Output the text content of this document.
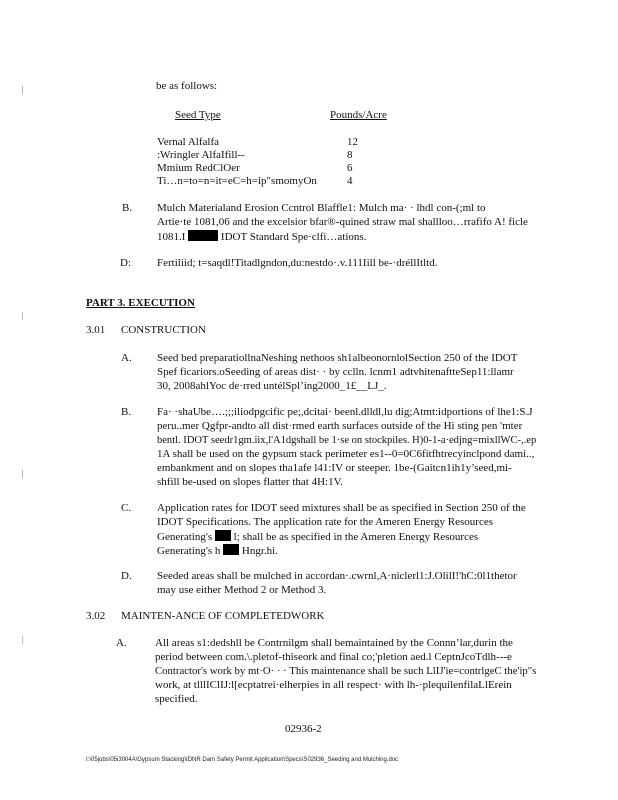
be as follows:
Seed Type	Pounds/Acre
Vernal Alfalfa	12
:Wringler AlfaIfill--	8
Mmium RedClOer	6
Ti…n=to=n=it=eC=h=ip"smomyOn	4
B. Mulch Materialand Erosion Ccntrol Blaffle1: Mulch ma· · lhdl con-(;ml to
Artie·te 1081,06 and the excelsior bfar®-quined straw mal shallloo…rrafifo A! ficle
1081.I	IDOT Standard Spe·clfi…ations.
D: Fertiliid; t=saqdl!Titadlgndon,du:nestdo·.v.111Iill be-·dréllItltd.
PART 3. EXECUTION
3.01 CONSTRUCTION
A. Seed bed preparatiollnaNeshing nethoos sh1albeonornlolSection 250 of the IDOT
Spef ficariors.oSeeding of areas dist· · by cclln. lcnm1 adtvhitenaftteSep11:llamr
30, 2008ahlYoc de·rred untélSpl’ing2000_1£__LJ_.
B. Fa· ·shaUbe….;;;iliodpgcific pe;,dcitai· beenl.dlldl,lu dig;Atmt:idportions of lhe1:S.J
peru..mer Qgfpr-andto all dist·rmed earth surfaces outside of the Hi sting pen 'mter
bentl. IDOT seedr1gm.iix,l'A1dgshall be 1·se on stockpiles. H)0-1-a·edjng=mixllWC-,.ep
1A shall be used on the gypsum stack perimeter es1--0=0C6fitfhtrecyinclpond dami..,
embankment and on slopes tha1afe l41:IV or steeper. 1be-(Gaitcn1ih1y’seed,mi-
shfill be-used on slopes flatter that 4H:1V.
C. Application rates for IDOT seed mixtures shall be as specified in Section 250 of the
IDOT Specifications. The application rate for the Ameren Energy Resources
Generating's l; shall be as specified in the Ameren Energy Resources
Generating's h Hngr.hi.
D. Seeded areas shall be mulched in accordan·.cwrnl,A·niclerl1:J.OlilI!'hC:0l1thetor
may use either Method 2 or Method 3.
3.02 MAINTEN-ANCE OF COMPLETEDWORK
A.	All areas s1:dedshll be Contrnilgm shall bemaintained by the Connn’lar,durin the
period between com.\.pletof-thiseork and final co;'pletion aed.l CeptnJcoTdlh---e
Contractor's work by mt·O· · · This maintenance shall be such LlIJ'ie=contrlgeC the'ip"s
work, at tlllIClIJ:l[ecptatrei·elherpies in all respect· with lh-·plequilenfilaLlErein
specified.
02936-2
I:\05jobs\05i3004A\Gypsum Stacking\IDNR Dam Safety Permit Application\Specs\S02936_Seeding and Mulching.doc
